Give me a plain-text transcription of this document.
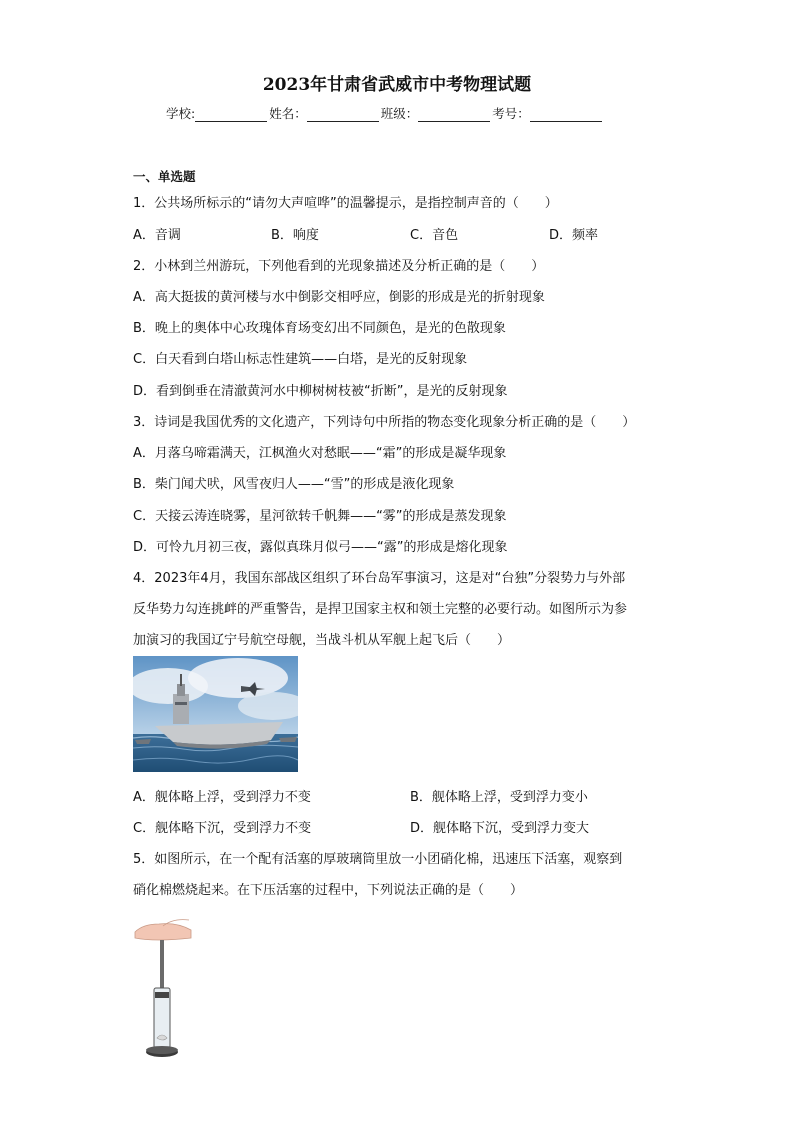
2023年甘肃省武威市中考物理试题
学校:	姓名：	班级：	考号：
一、单选题
1．公共场所标示的“请勿大声喧哗”的温馨提示，是指控制声音的（　　）
A．音调	B．响度	C．音色	D．频率
2．小林到兰州游玩，下列他看到的光现象描述及分析正确的是（　　）
A．高大挺拔的黄河楼与水中倒影交相呼应，倒影的形成是光的折射现象
B．晚上的奥体中心玫瑰体育场变幻出不同颜色，是光的色散现象
C．白天看到白塔山标志性建筑——白塔，是光的反射现象
D．看到倒垂在清澈黄河水中柳树树枝被“折断”，是光的反射现象
3．诗词是我国优秀的文化遗产，下列诗句中所指的物态变化现象分析正确的是（　　）
A．月落乌啼霜满天，江枫渔火对愁眠——“霜”的形成是凝华现象
B．柴门闻犬吠，风雪夜归人——“雪”的形成是液化现象
C．天接云涛连晓雾，星河欲转千帆舞——“雾”的形成是蒸发现象
D．可怜九月初三夜，露似真珠月似弓——“露”的形成是熔化现象
4．2023年4月，我国东部战区组织了环台岛军事演习，这是对“台独”分裂势力与外部
反华势力勾连挑衅的严重警告，是捍卫国家主权和领土完整的必要行动。如图所示为参
加演习的我国辽宁号航空母舰，当战斗机从军舰上起飞后（　　）
A．舰体略上浮，受到浮力不变	B．舰体略上浮，受到浮力变小
C．舰体略下沉，受到浮力不变	D．舰体略下沉，受到浮力变大
5．如图所示，在一个配有活塞的厚玻璃筒里放一小团硝化棉，迅速压下活塞，观察到
硝化棉燃烧起来。在下压活塞的过程中，下列说法正确的是（　　）
